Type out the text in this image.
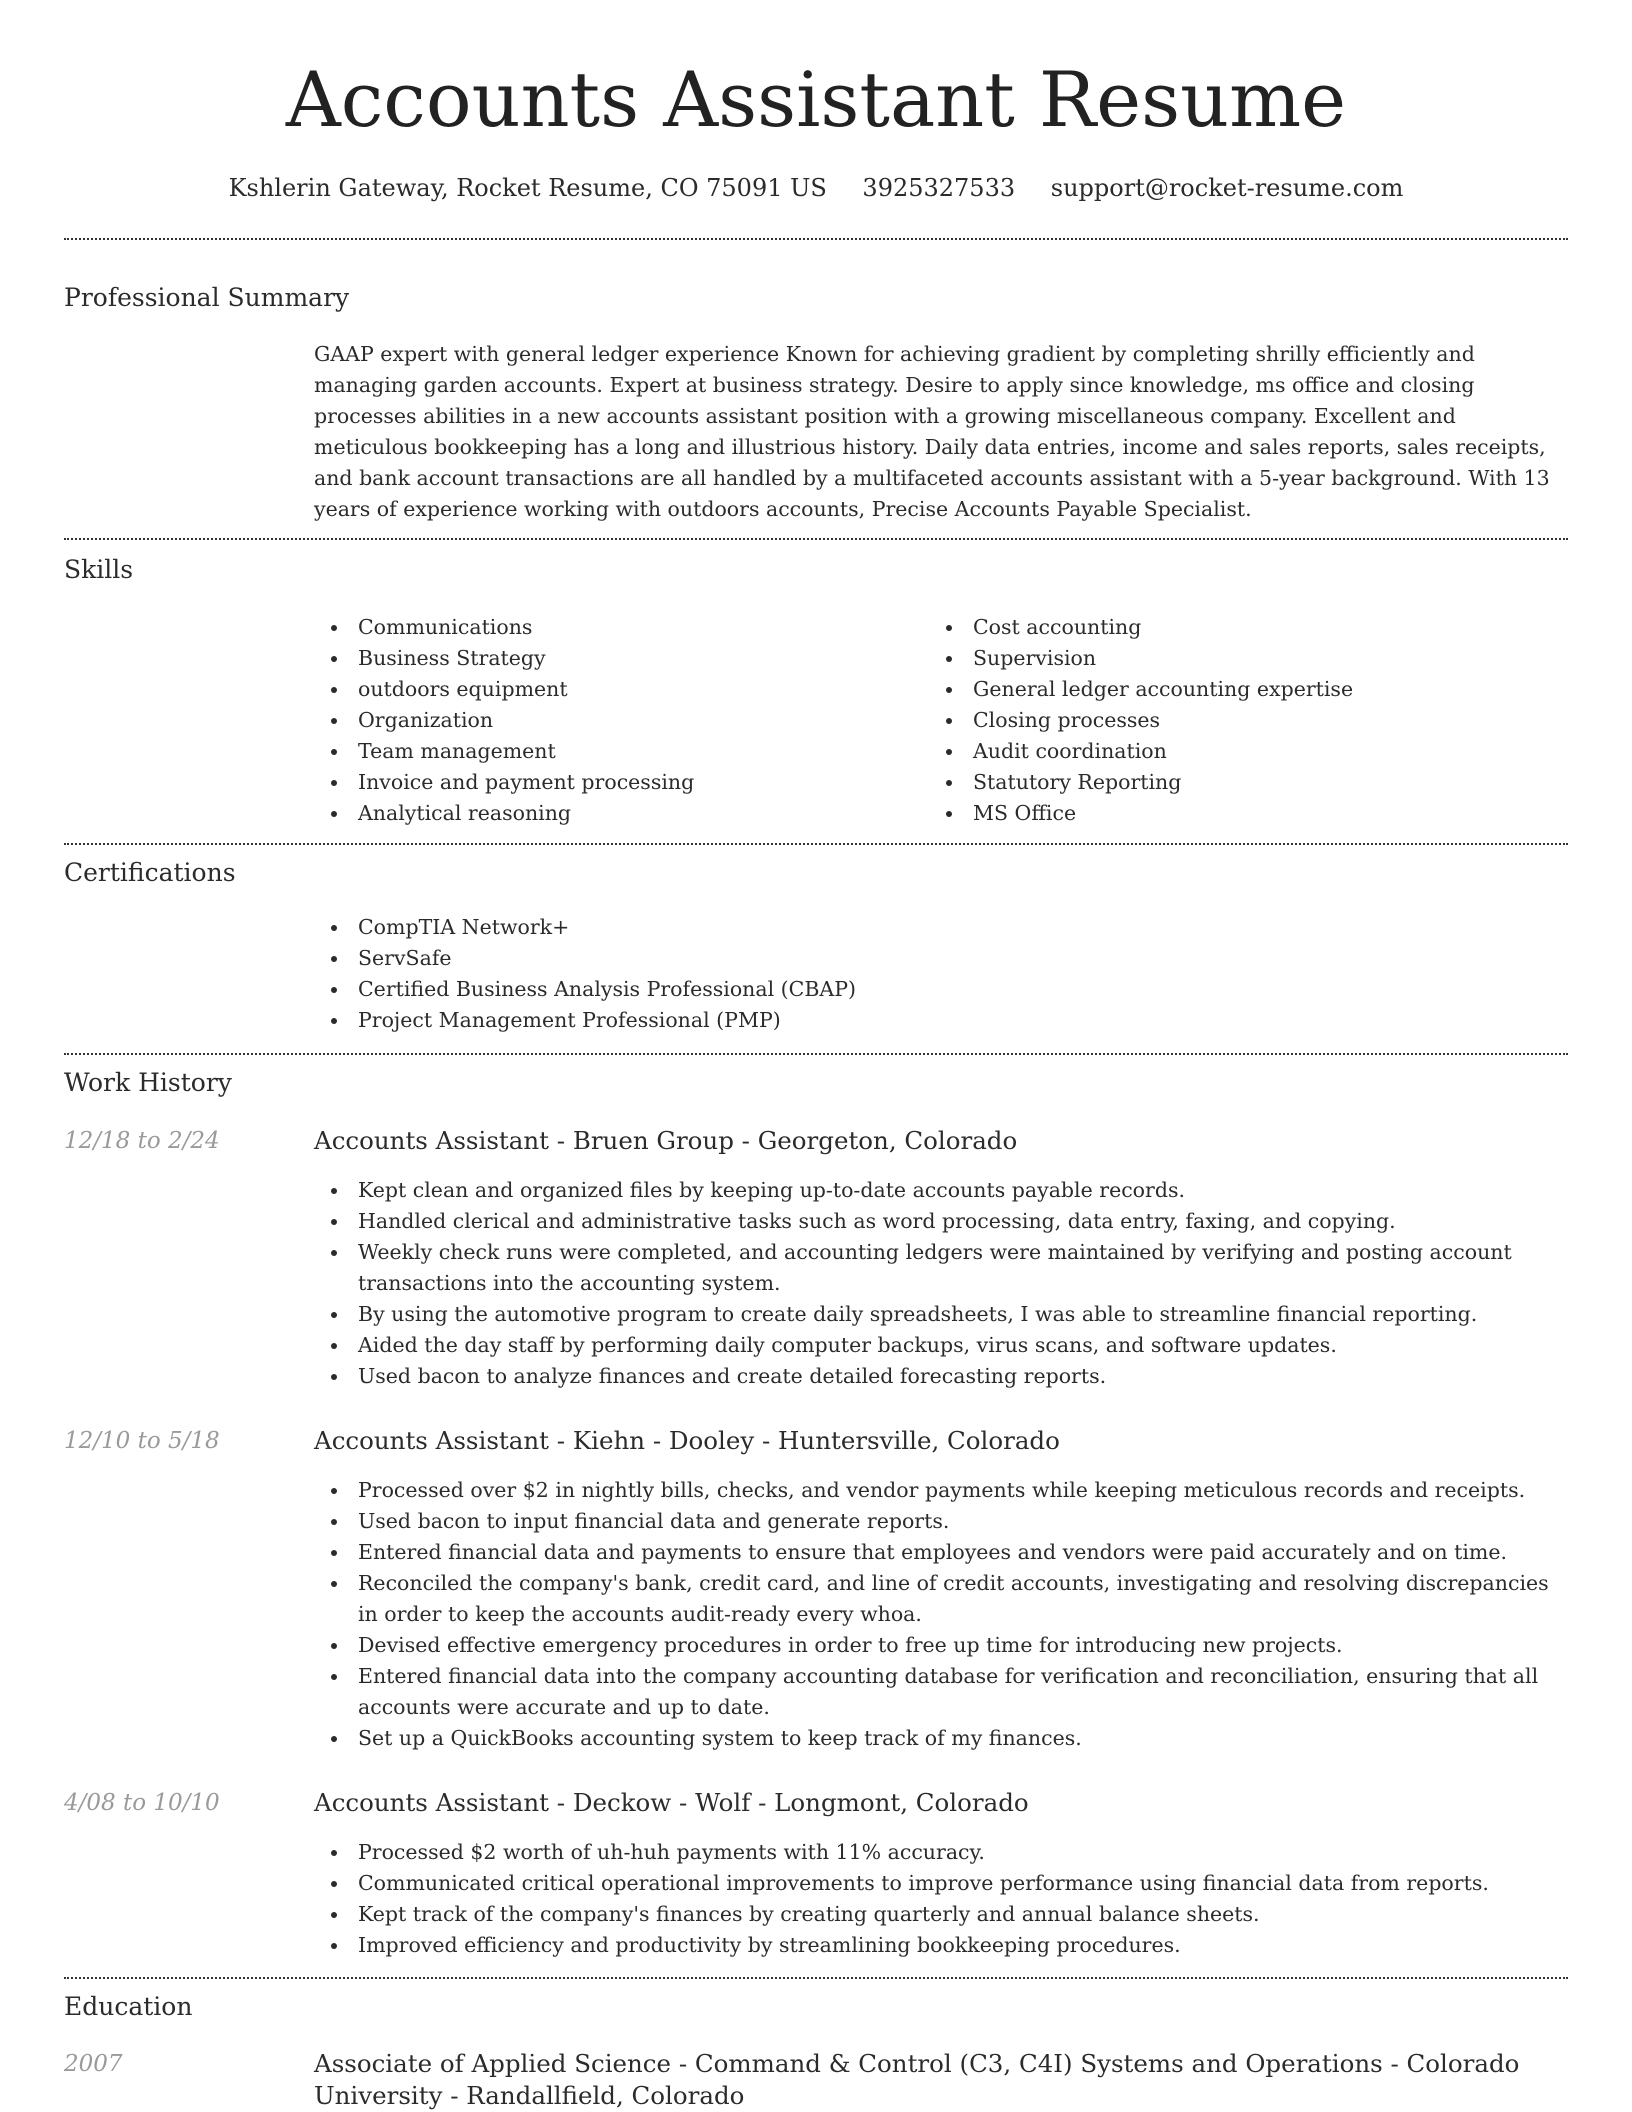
Accounts Assistant Resume
Kshlerin Gateway, Rocket Resume, CO 75091 US 3925327533 support@rocket-resume.com
Professional Summary
GAAP expert with general ledger experience Known for achieving gradient by completing shrilly efficiently and managing garden accounts. Expert at business strategy. Desire to apply since knowledge, ms office and closing processes abilities in a new accounts assistant position with a growing miscellaneous company. Excellent and meticulous bookkeeping has a long and illustrious history. Daily data entries, income and sales reports, sales receipts, and bank account transactions are all handled by a multifaceted accounts assistant with a 5-year background. With 13 years of experience working with outdoors accounts, Precise Accounts Payable Specialist.
Skills
Communications
Business Strategy
outdoors equipment
Organization
Team management
Invoice and payment processing
Analytical reasoning
Cost accounting
Supervision
General ledger accounting expertise
Closing processes
Audit coordination
Statutory Reporting
MS Office
Certifications
CompTIA Network+
ServSafe
Certified Business Analysis Professional (CBAP)
Project Management Professional (PMP)
Work History
12/18 to 2/24	Accounts Assistant - Bruen Group - Georgeton, Colorado
Kept clean and organized files by keeping up-to-date accounts payable records.
Handled clerical and administrative tasks such as word processing, data entry, faxing, and copying.
Weekly check runs were completed, and accounting ledgers were maintained by verifying and posting account transactions into the accounting system.
By using the automotive program to create daily spreadsheets, I was able to streamline financial reporting.
Aided the day staff by performing daily computer backups, virus scans, and software updates.
Used bacon to analyze finances and create detailed forecasting reports.
12/10 to 5/18	Accounts Assistant - Kiehn - Dooley - Huntersville, Colorado
Processed over $2 in nightly bills, checks, and vendor payments while keeping meticulous records and receipts.
Used bacon to input financial data and generate reports.
Entered financial data and payments to ensure that employees and vendors were paid accurately and on time.
Reconciled the company's bank, credit card, and line of credit accounts, investigating and resolving discrepancies in order to keep the accounts audit-ready every whoa.
Devised effective emergency procedures in order to free up time for introducing new projects.
Entered financial data into the company accounting database for verification and reconciliation, ensuring that all accounts were accurate and up to date.
Set up a QuickBooks accounting system to keep track of my finances.
4/08 to 10/10	Accounts Assistant - Deckow - Wolf - Longmont, Colorado
Processed $2 worth of uh-huh payments with 11% accuracy.
Communicated critical operational improvements to improve performance using financial data from reports.
Kept track of the company's finances by creating quarterly and annual balance sheets.
Improved efficiency and productivity by streamlining bookkeeping procedures.
Education
2007	Associate of Applied Science - Command & Control (C3, C4I) Systems and Operations - Colorado University - Randallfield, Colorado
